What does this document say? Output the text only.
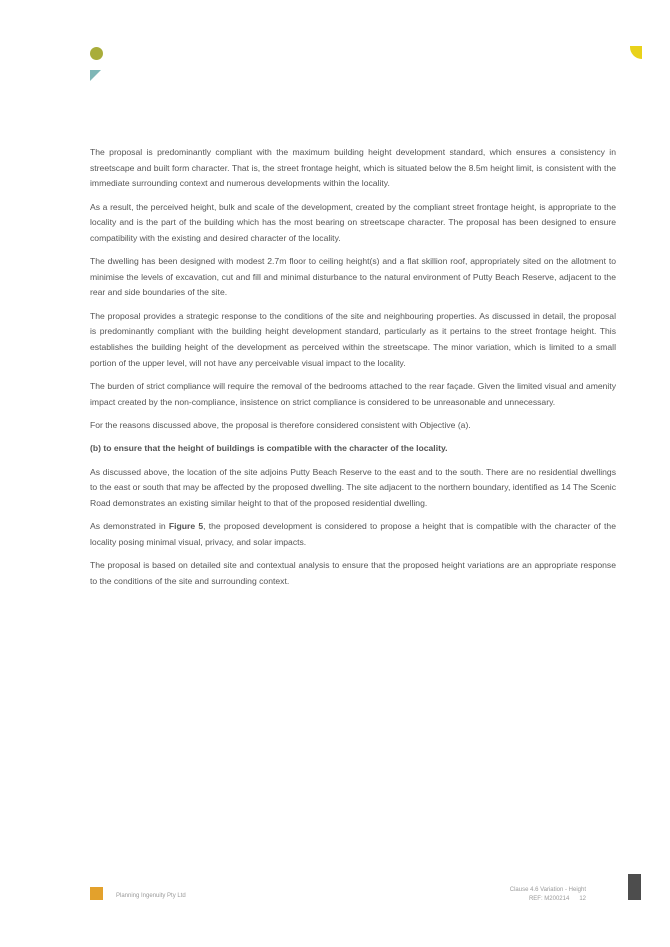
The proposal is predominantly compliant with the maximum building height development standard, which ensures a consistency in streetscape and built form character. That is, the street frontage height, which is situated below the 8.5m height limit, is consistent with the immediate surrounding context and numerous developments within the locality.

As a result, the perceived height, bulk and scale of the development, created by the compliant street frontage height, is appropriate to the locality and is the part of the building which has the most bearing on streetscape character. The proposal has been designed to ensure compatibility with the existing and desired character of the locality.

The dwelling has been designed with modest 2.7m floor to ceiling height(s) and a flat skillion roof, appropriately sited on the allotment to minimise the levels of excavation, cut and fill and minimal disturbance to the natural environment of Putty Beach Reserve, adjacent to the rear and side boundaries of the site.

The proposal provides a strategic response to the conditions of the site and neighbouring properties. As discussed in detail, the proposal is predominantly compliant with the building height development standard, particularly as it pertains to the street frontage height. This establishes the building height of the development as perceived within the streetscape. The minor variation, which is limited to a small portion of the upper level, will not have any perceivable visual impact to the locality.

The burden of strict compliance will require the removal of the bedrooms attached to the rear façade. Given the limited visual and amenity impact created by the non-compliance, insistence on strict compliance is considered to be unreasonable and unnecessary.

For the reasons discussed above, the proposal is therefore considered consistent with Objective (a).

(b) to ensure that the height of buildings is compatible with the character of the locality.

As discussed above, the location of the site adjoins Putty Beach Reserve to the east and to the south. There are no residential dwellings to the east or south that may be affected by the proposed dwelling. The site adjacent to the northern boundary, identified as 14 The Scenic Road demonstrates an existing similar height to that of the proposed residential dwelling.

As demonstrated in Figure 5, the proposed development is considered to propose a height that is compatible with the character of the locality posing minimal visual, privacy, and solar impacts.

The proposal is based on detailed site and contextual analysis to ensure that the proposed height variations are an appropriate response to the conditions of the site and surrounding context.

Planning Ingenuity Pty Ltd
Clause 4.6 Variation - Height
REF: M200214 12
